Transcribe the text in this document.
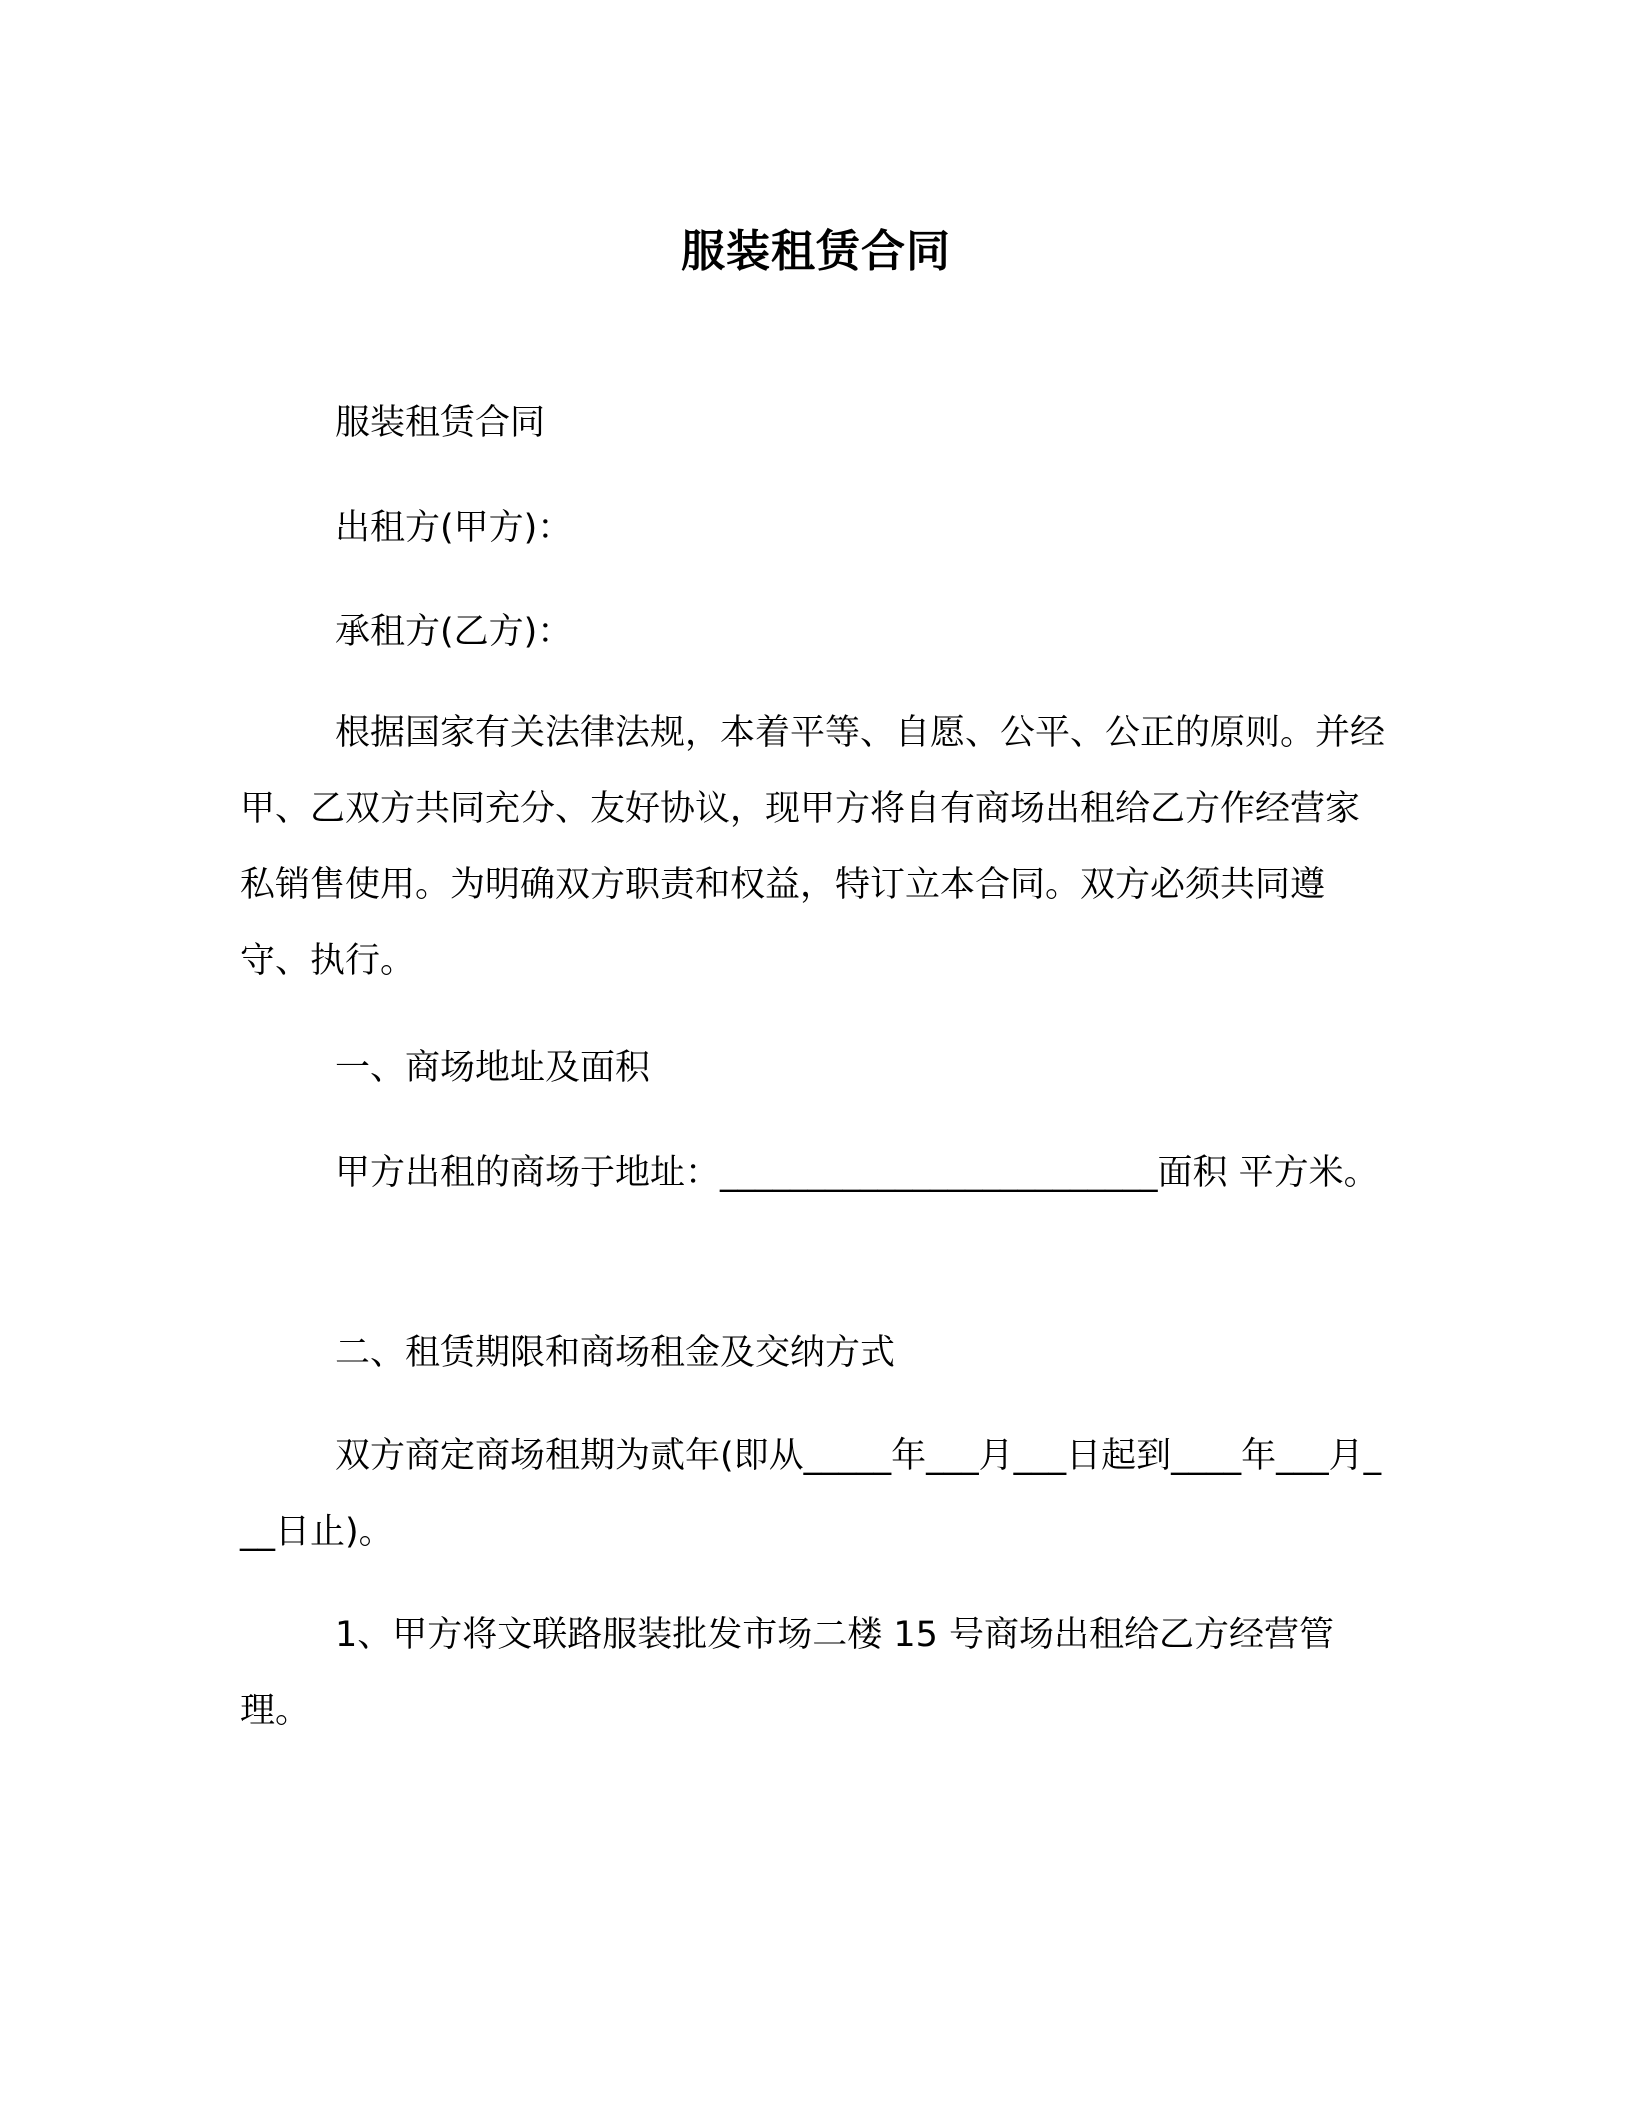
服装租赁合同

服装租赁合同

出租方(甲方)：

承租方(乙方)：

根据国家有关法律法规，本着平等、自愿、公平、公正的原则。并经甲、乙双方共同充分、友好协议，现甲方将自有商场出租给乙方作经营家私销售使用。为明确双方职责和权益，特订立本合同。双方必须共同遵守、执行。

一、商场地址及面积

甲方出租的商场于地址：_________________________面积 平方米。

二、租赁期限和商场租金及交纳方式

双方商定商场租期为贰年(即从_____年___月___日起到____年___月___日止)。

1、甲方将文联路服装批发市场二楼 15 号商场出租给乙方经营管理。
